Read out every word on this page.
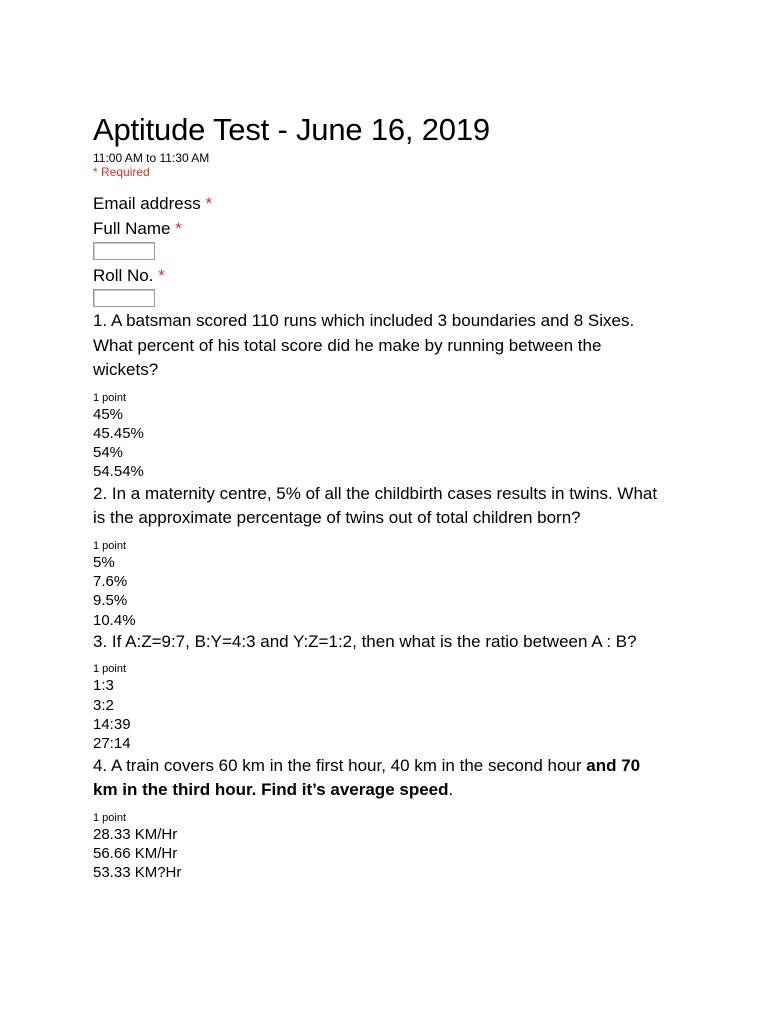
Aptitude Test - June 16, 2019
11:00 AM to 11:30 AM
* Required
Email address *
Full Name *
Roll No. *
1. A batsman scored 110 runs which included 3 boundaries and 8 Sixes. What percent of his total score did he make by running between the wickets?
1 point
45%
45.45%
54%
54.54%
2. In a maternity centre, 5% of all the childbirth cases results in twins. What is the approximate percentage of twins out of total children born?
1 point
5%
7.6%
9.5%
10.4%
3. If A:Z=9:7, B:Y=4:3 and Y:Z=1:2, then what is the ratio between A : B?
1 point
1:3
3:2
14:39
27:14
4. A train covers 60 km in the first hour, 40 km in the second hour and 70 km in the third hour. Find it’s average speed.
1 point
28.33 KM/Hr
56.66 KM/Hr
53.33 KM?Hr
